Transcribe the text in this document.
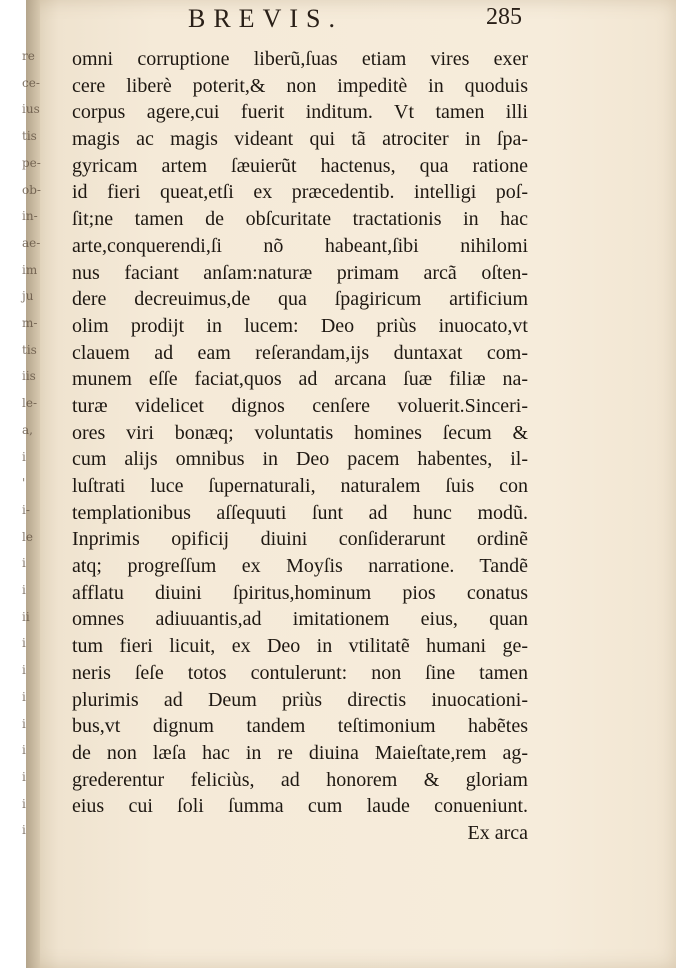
re
ce-
ius
tis
pe-
ob-
in-
ae-
im
ju
m-
tis
iis
le-
a,
i
'
i-
le
i
i
ii
i
i
i
i
i
i
i
i
BREVIS.	285
omni corruptione liberũ,ſuas etiam vires exer
cere liberè poterit,& non impeditè in quoduis
corpus agere,cui fuerit inditum. Vt tamen illi
magis ac magis videant qui tã atrociter in ſpa-
gyricam artem ſæuierũt hactenus, qua ratione
id fieri queat,etſi ex præcedentib. intelligi poſ-
ſit;ne tamen de obſcuritate tractationis in hac
arte,conquerendi,ſi nõ habeant,ſibi nihilomi
nus faciant anſam:naturæ primam arcã oſten-
dere decreuimus,de qua ſpagiricum artificium
olim prodijt in lucem: Deo priùs inuocato,vt
clauem ad eam reſerandam,ijs duntaxat com-
munem eſſe faciat,quos ad arcana ſuæ filiæ na-
turæ videlicet dignos cenſere voluerit.Sinceri-
ores viri bonæq; voluntatis homines ſecum &
cum alijs omnibus in Deo pacem habentes, il-
luſtrati luce ſupernaturali, naturalem ſuis con
templationibus aſſequuti ſunt ad hunc modũ.
Inprimis opificij diuini conſiderarunt ordinẽ
atq; progreſſum ex Moyſis narratione. Tandẽ
afflatu diuini ſpiritus,hominum pios conatus
omnes adiuuantis,ad imitationem eius, quan
tum fieri licuit, ex Deo in vtilitatẽ humani ge-
neris ſeſe totos contulerunt: non ſine tamen
plurimis ad Deum priùs directis inuocationi-
bus,vt dignum tandem teſtimonium habẽtes
de non læſa hac in re diuina Maieſtate,rem ag-
grederentur feliciùs, ad honorem & gloriam
eius cui ſoli ſumma cum laude conueniunt.
Ex arca
